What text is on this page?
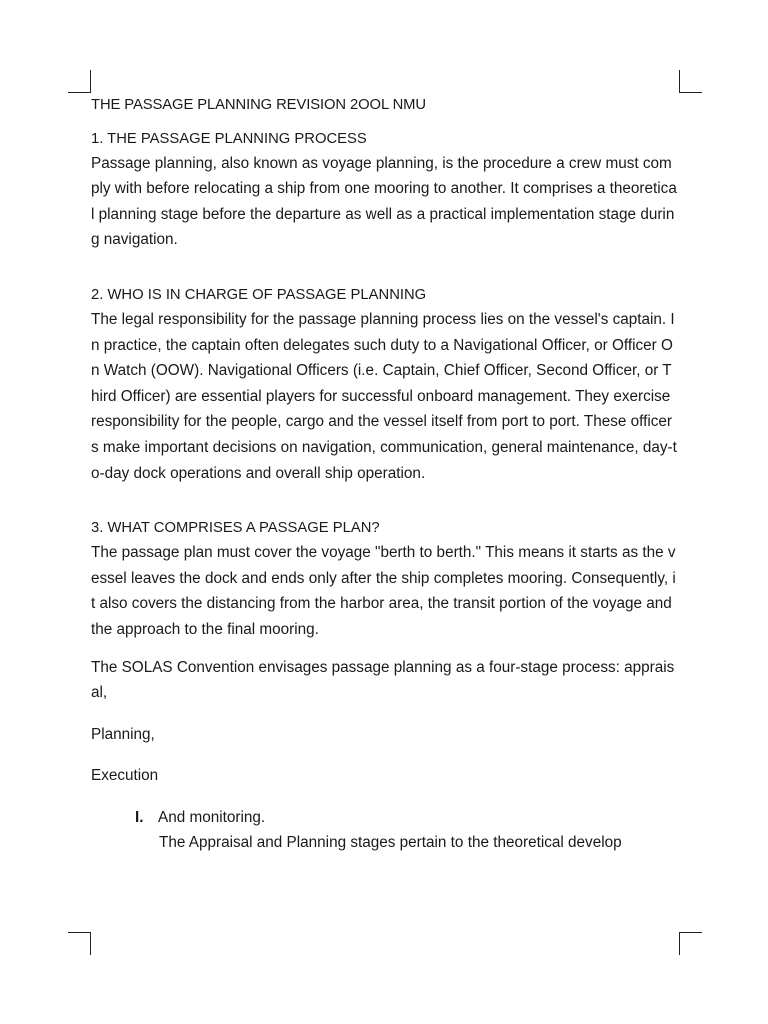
THE PASSAGE PLANNING REVISION 2OOL NMU
1. THE PASSAGE PLANNING PROCESS

Passage planning, also known as voyage planning, is the procedure a crew must comply with before relocating a ship from one mooring to another. It comprises a theoretical planning stage before the departure as well as a practical implementation stage during navigation.

2. WHO IS IN CHARGE OF PASSAGE PLANNING

The legal responsibility for the passage planning process lies on the vessel's captain. In practice, the captain often delegates such duty to a Navigational Officer, or Officer On Watch (OOW). Navigational Officers (i.e. Captain, Chief Officer, Second Officer, or Third Officer) are essential players for successful onboard management. They exercise responsibility for the people, cargo and the vessel itself from port to port. These officers make important decisions on navigation, communication, general maintenance, day-to-day dock operations and overall ship operation.

3. WHAT COMPRISES A PASSAGE PLAN?

The passage plan must cover the voyage "berth to berth." This means it starts as the vessel leaves the dock and ends only after the ship completes mooring. Consequently, it also covers the distancing from the harbor area, the transit portion of the voyage and the approach to the final mooring.

The SOLAS Convention envisages passage planning as a four-stage process: appraisal,

Planning,

Execution

I. And monitoring.

The Appraisal and Planning stages pertain to the theoretical develop
